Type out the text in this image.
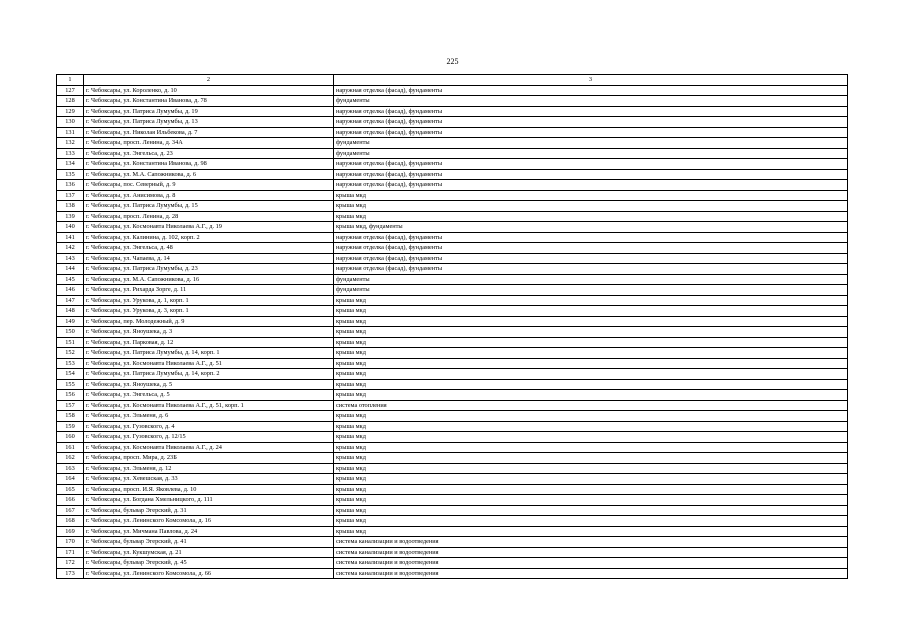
225
1	2	3
127	г. Чебоксары, ул. Короленко, д. 10	наружная отделка (фасад), фундаменты
128	г. Чебоксары, ул. Константина Иванова, д. 78	фундаменты
129	г. Чебоксары, ул. Патриса Лумумбы, д. 19	наружная отделка (фасад), фундаменты
130	г. Чебоксары, ул. Патриса Лумумбы, д. 13	наружная отделка (фасад), фундаменты
131	г. Чебоксары, ул. Николая Ильбекова, д. 7	наружная отделка (фасад), фундаменты
132	г. Чебоксары, просп. Ленина, д. 34А	фундаменты
133	г. Чебоксары, ул. Энгельса, д. 23	фундаменты
134	г. Чебоксары, ул. Константина Иванова, д. 98	наружная отделка (фасад), фундаменты
135	г. Чебоксары, ул. М.А. Сапожникова, д. 6	наружная отделка (фасад), фундаменты
136	г. Чебоксары, пос. Северный, д. 9	наружная отделка (фасад), фундаменты
137	г. Чебоксары, ул. Анисимова, д. 8	крыша мкд
138	г. Чебоксары, ул. Патриса Лумумбы, д. 15	крыша мкд
139	г. Чебоксары, просп. Ленина, д. 28	крыша мкд
140	г. Чебоксары, ул. Космонавта Николаева А.Г., д. 19	крыша мкд, фундаменты
141	г. Чебоксары, ул. Калинина, д. 102, корп. 2	наружная отделка (фасад), фундаменты
142	г. Чебоксары, ул. Энгельса, д. 48	наружная отделка (фасад), фундаменты
143	г. Чебоксары, ул. Чапаева, д. 14	наружная отделка (фасад), фундаменты
144	г. Чебоксары, ул. Патриса Лумумбы, д. 23	наружная отделка (фасад), фундаменты
145	г. Чебоксары, ул. М.А. Сапожникова, д. 16	фундаменты
146	г. Чебоксары, ул. Рихарда Зорге, д. 11	фундаменты
147	г. Чебоксары, ул. Урукова, д. 1, корп. 1	крыша мкд
148	г. Чебоксары, ул. Урукова, д. 3, корп. 1	крыша мкд
149	г. Чебоксары, пер. Молодежный, д. 9	крыша мкд
150	г. Чебоксары, ул. Яноушека, д. 3	крыша мкд
151	г. Чебоксары, ул. Парковая, д. 12	крыша мкд
152	г. Чебоксары, ул. Патриса Лумумбы, д. 14, корп. 1	крыша мкд
153	г. Чебоксары, ул. Космонавта Николаева А.Г., д. 51	крыша мкд
154	г. Чебоксары, ул. Патриса Лумумбы, д. 14, корп. 2	крыша мкд
155	г. Чебоксары, ул. Яноушека, д. 5	крыша мкд
156	г. Чебоксары, ул. Энгельса, д. 5	крыша мкд
157	г. Чебоксары, ул. Космонавта Николаева А.Г., д. 51, корп. 1	система отопления
158	г. Чебоксары, ул. Эльменя, д. 6	крыша мкд
159	г. Чебоксары, ул. Гузовского, д. 4	крыша мкд
160	г. Чебоксары, ул. Гузовского, д. 12/15	крыша мкд
161	г. Чебоксары, ул. Космонавта Николаева А.Г., д. 24	крыша мкд
162	г. Чебоксары, просп. Мира, д. 23Б	крыша мкд
163	г. Чебоксары, ул. Эльменя, д. 12	крыша мкд
164	г. Чебоксары, ул. Хевешская, д. 33	крыша мкд
165	г. Чебоксары, просп. И.Я. Яковлева, д. 10	крыша мкд
166	г. Чебоксары, ул. Богдана Хмельницкого, д. 111	крыша мкд
167	г. Чебоксары, бульвар Эгерский, д. 31	крыша мкд
168	г. Чебоксары, ул. Ленинского Комсомола, д. 16	крыша мкд
169	г. Чебоксары, ул. Мичмана Павлова, д. 24	крыша мкд
170	г. Чебоксары, бульвар Эгерский, д. 41	система канализации и водоотведения
171	г. Чебоксары, ул. Кукшумская, д. 21	система канализации и водоотведения
172	г. Чебоксары, бульвар Эгерский, д. 45	система канализации и водоотведения
173	г. Чебоксары, ул. Ленинского Комсомола, д. 66	система канализации и водоотведения
